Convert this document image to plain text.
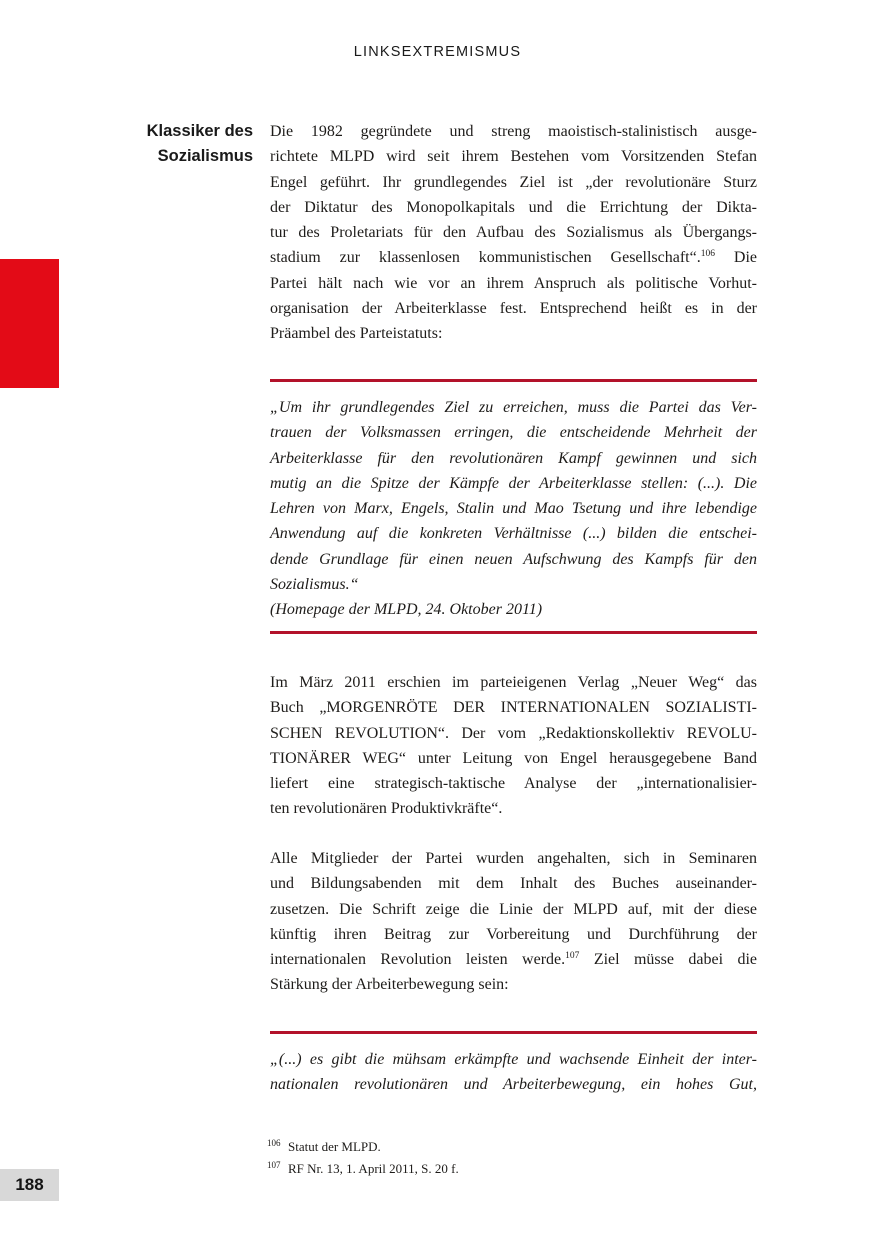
LINKSEXTREMISMUS
Klassiker des
Sozialismus
Die 1982 gegründete und streng maoistisch-stalinistisch ausge-
richtete MLPD wird seit ihrem Bestehen vom Vorsitzenden Stefan
Engel geführt. Ihr grundlegendes Ziel ist „der revolutionäre Sturz
der Diktatur des Monopolkapitals und die Errichtung der Dikta-
tur des Proletariats für den Aufbau des Sozialismus als Übergangs-
stadium zur klassenlosen kommunistischen Gesellschaft“.$^{106}$ Die
Partei hält nach wie vor an ihrem Anspruch als politische Vorhut-
organisation der Arbeiterklasse fest. Entsprechend heißt es in der
Präambel des Parteistatuts:
„Um ihr grundlegendes Ziel zu erreichen, muss die Partei das Ver-
trauen der Volksmassen erringen, die entscheidende Mehrheit der
Arbeiterklasse für den revolutionären Kampf gewinnen und sich
mutig an die Spitze der Kämpfe der Arbeiterklasse stellen: (...). Die
Lehren von Marx, Engels, Stalin und Mao Tsetung und ihre lebendige
Anwendung auf die konkreten Verhältnisse (...) bilden die entschei-
dende Grundlage für einen neuen Aufschwung des Kampfs für den
Sozialismus.“
(Homepage der MLPD, 24. Oktober 2011)
Im März 2011 erschien im parteieigenen Verlag „Neuer Weg“ das
Buch „MORGENRÖTE DER INTERNATIONALEN SOZIALISTI-
SCHEN REVOLUTION“. Der vom „Redaktionskollektiv REVOLU-
TIONÄRER WEG“ unter Leitung von Engel herausgegebene Band
liefert eine strategisch-taktische Analyse der „internationalisier-
ten revolutionären Produktivkräfte“.
Alle Mitglieder der Partei wurden angehalten, sich in Seminaren
und Bildungsabenden mit dem Inhalt des Buches auseinander-
zusetzen. Die Schrift zeige die Linie der MLPD auf, mit der diese
künftig ihren Beitrag zur Vorbereitung und Durchführung der
internationalen Revolution leisten werde.$^{107}$ Ziel müsse dabei die
Stärkung der Arbeiterbewegung sein:
„(...) es gibt die mühsam erkämpfte und wachsende Einheit der inter-
nationalen revolutionären und Arbeiterbewegung, ein hohes Gut,
$^{106}$ Statut der MLPD.
$^{107}$ RF Nr. 13, 1. April 2011, S. 20 f.
188
